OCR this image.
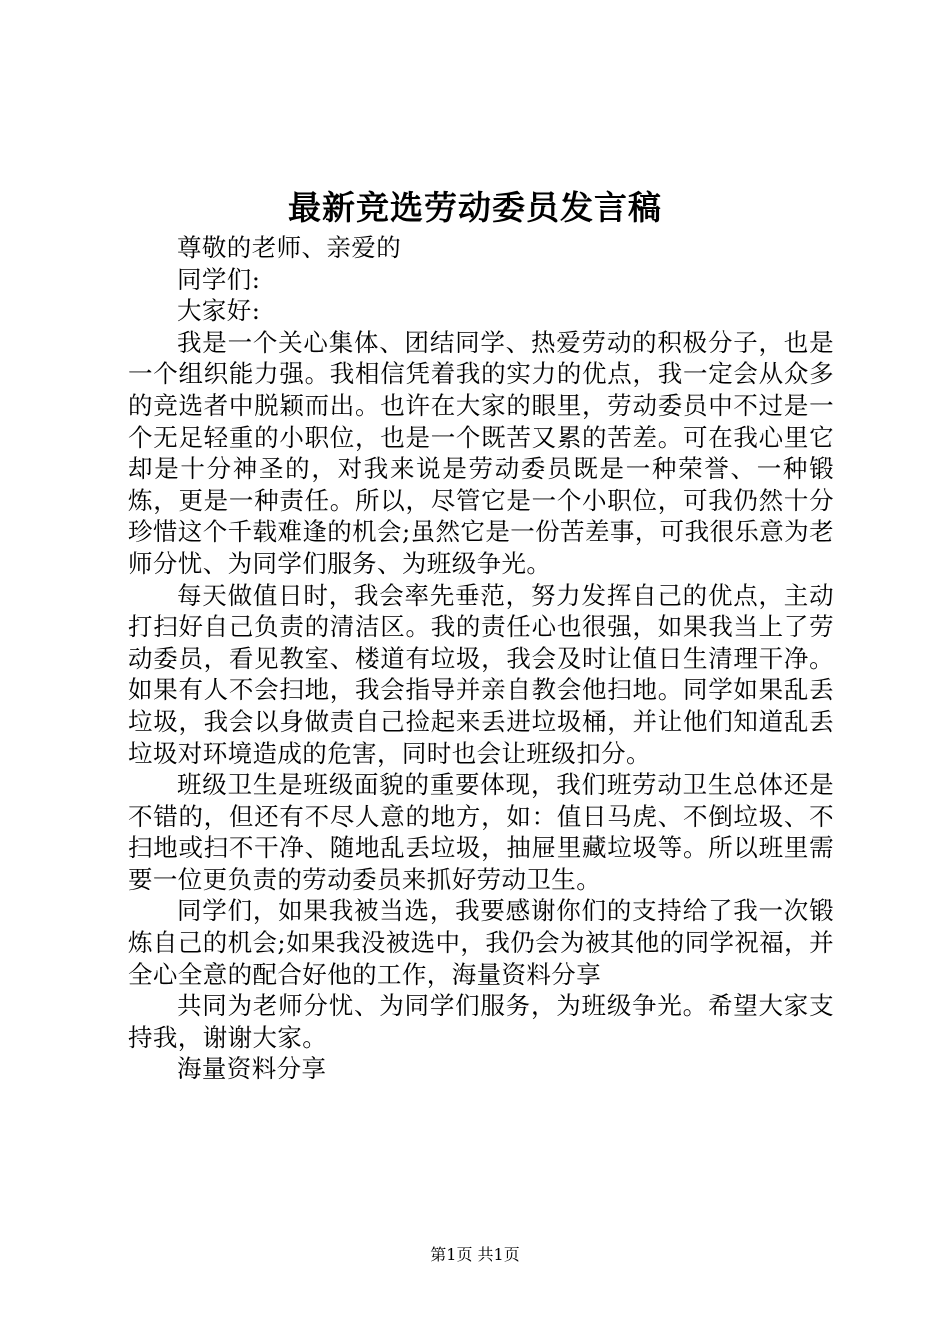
最新竞选劳动委员发言稿

尊敬的老师、亲爱的

同学们:

大家好:

我是一个关心集体、团结同学、热爱劳动的积极分子，也是一个组织能力强。我相信凭着我的实力的优点，我一定会从众多的竞选者中脱颖而出。也许在大家的眼里，劳动委员中不过是一个无足轻重的小职位，也是一个既苦又累的苦差。可在我心里它却是十分神圣的，对我来说是劳动委员既是一种荣誉、一种锻炼，更是一种责任。所以，尽管它是一个小职位，可我仍然十分珍惜这个千载难逢的机会;虽然它是一份苦差事，可我很乐意为老师分忧、为同学们服务、为班级争光。

每天做值日时，我会率先垂范，努力发挥自己的优点，主动打扫好自己负责的清洁区。我的责任心也很强，如果我当上了劳动委员，看见教室、楼道有垃圾，我会及时让值日生清理干净。如果有人不会扫地，我会指导并亲自教会他扫地。同学如果乱丢垃圾，我会以身做责自己捡起来丢进垃圾桶，并让他们知道乱丢垃圾对环境造成的危害，同时也会让班级扣分。

班级卫生是班级面貌的重要体现，我们班劳动卫生总体还是不错的，但还有不尽人意的地方，如：值日马虎、不倒垃圾、不扫地或扫不干净、随地乱丢垃圾，抽屉里藏垃圾等。所以班里需要一位更负责的劳动委员来抓好劳动卫生。

同学们，如果我被当选，我要感谢你们的支持给了我一次锻炼自己的机会;如果我没被选中，我仍会为被其他的同学祝福，并全心全意的配合好他的工作，海量资料分享

共同为老师分忧、为同学们服务，为班级争光。希望大家支持我，谢谢大家。

海量资料分享

第1页 共1页
